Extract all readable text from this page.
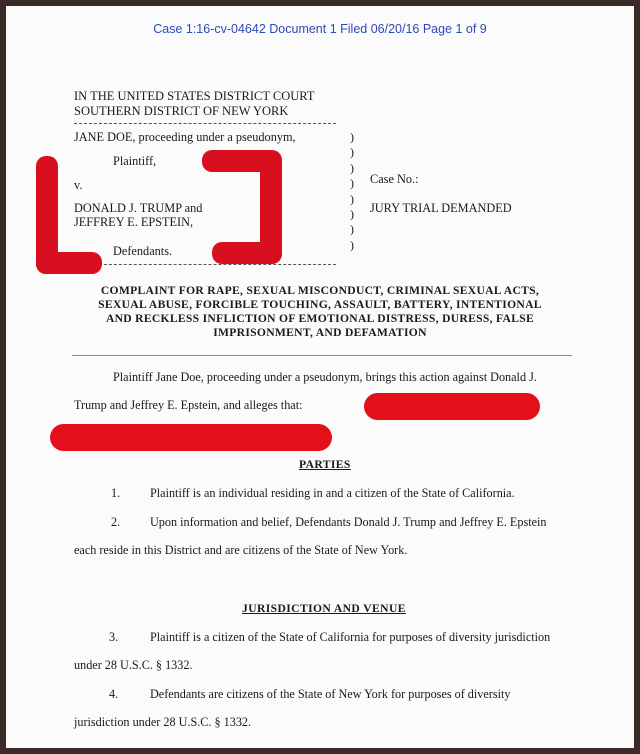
Case 1:16-cv-04642 Document 1 Filed 06/20/16 Page 1 of 9
IN THE UNITED STATES DISTRICT COURT
SOUTHERN DISTRICT OF NEW YORK
JANE DOE, proceeding under a pseudonym,
Plaintiff,
v.
DONALD J. TRUMP and
JEFFREY E. EPSTEIN,
Defendants.
)
)
)
)
)
)
)
)
Case No.:
JURY TRIAL DEMANDED
COMPLAINT FOR RAPE, SEXUAL MISCONDUCT, CRIMINAL SEXUAL ACTS,
SEXUAL ABUSE, FORCIBLE TOUCHING, ASSAULT, BATTERY, INTENTIONAL
AND RECKLESS INFLICTION OF EMOTIONAL DISTRESS, DURESS, FALSE
IMPRISONMENT, AND DEFAMATION
Plaintiff Jane Doe, proceeding under a pseudonym, brings this action against Donald J.
Trump and Jeffrey E. Epstein, and alleges that:
PARTIES
1. Plaintiff is an individual residing in and a citizen of the State of California.
2. Upon information and belief, Defendants Donald J. Trump and Jeffrey E. Epstein
each reside in this District and are citizens of the State of New York.
JURISDICTION AND VENUE
3.	Plaintiff is a citizen of the State of California for purposes of diversity jurisdiction
under 28 U.S.C. § 1332.
4.	Defendants are citizens of the State of New York for purposes of diversity
jurisdiction under 28 U.S.C. § 1332.
